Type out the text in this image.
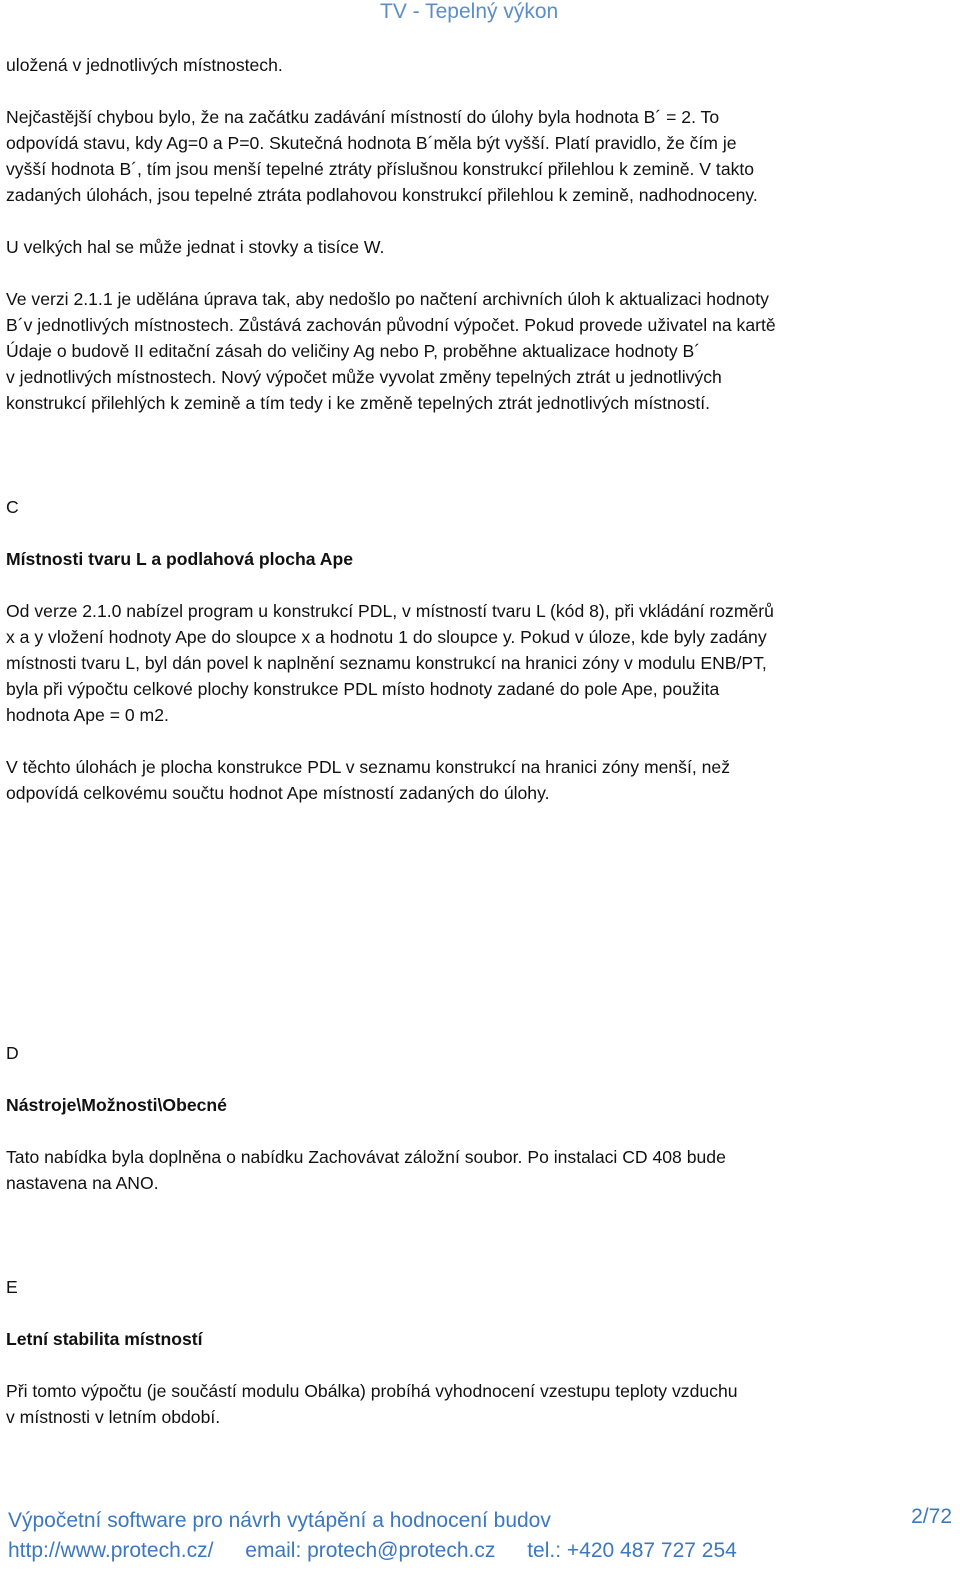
TV - Tepelný výkon

uložená v jednotlivých místnostech.

Nejčastější chybou bylo, že na začátku zadávání místností do úlohy byla hodnota B´ = 2. To
odpovídá stavu, kdy Ag=0 a P=0. Skutečná hodnota B´měla být vyšší. Platí pravidlo, že čím je
vyšší hodnota B´, tím jsou menší tepelné ztráty příslušnou konstrukcí přilehlou k zemině. V takto
zadaných úlohách, jsou tepelné ztráta podlahovou konstrukcí přilehlou k zemině, nadhodnoceny.

U velkých hal se může jednat i stovky a tisíce W.

Ve verzi 2.1.1 je udělána úprava tak, aby nedošlo po načtení archivních úloh k aktualizaci hodnoty
B´v jednotlivých místnostech. Zůstává zachován původní výpočet. Pokud provede uživatel na kartě
Údaje o budově II editační zásah do veličiny Ag nebo P, proběhne aktualizace hodnoty B´
v jednotlivých místnostech. Nový výpočet může vyvolat změny tepelných ztrát u jednotlivých
konstrukcí přilehlých k zemině a tím tedy i ke změně tepelných ztrát jednotlivých místností.

C

Místnosti tvaru L a podlahová plocha Ape

Od verze 2.1.0 nabízel program u konstrukcí PDL, v místností tvaru L (kód 8), při vkládání rozměrů
x a y vložení hodnoty Ape do sloupce x a hodnotu 1 do sloupce y. Pokud v úloze, kde byly zadány
místnosti tvaru L, byl dán povel k naplnění seznamu konstrukcí na hranici zóny v modulu ENB/PT,
byla při výpočtu celkové plochy konstrukce PDL místo hodnoty zadané do pole Ape, použita
hodnota Ape = 0 m2.

V těchto úlohách je plocha konstrukce PDL v seznamu konstrukcí na hranici zóny menší, než
odpovídá celkovému součtu hodnot Ape místností zadaných do úlohy.

D

Nástroje\Možnosti\Obecné

Tato nabídka byla doplněna o nabídku Zachovávat záložní soubor. Po instalaci CD 408 bude
nastavena na ANO.

E

Letní stabilita místností

Při tomto výpočtu (je součástí modulu Obálka) probíhá vyhodnocení vzestupu teploty vzduchu
v místnosti v letním období.

Výpočetní software pro návrh vytápění a hodnocení budov	2/72
http://www.protech.cz/ email: protech@protech.cz tel.: +420 487 727 254
